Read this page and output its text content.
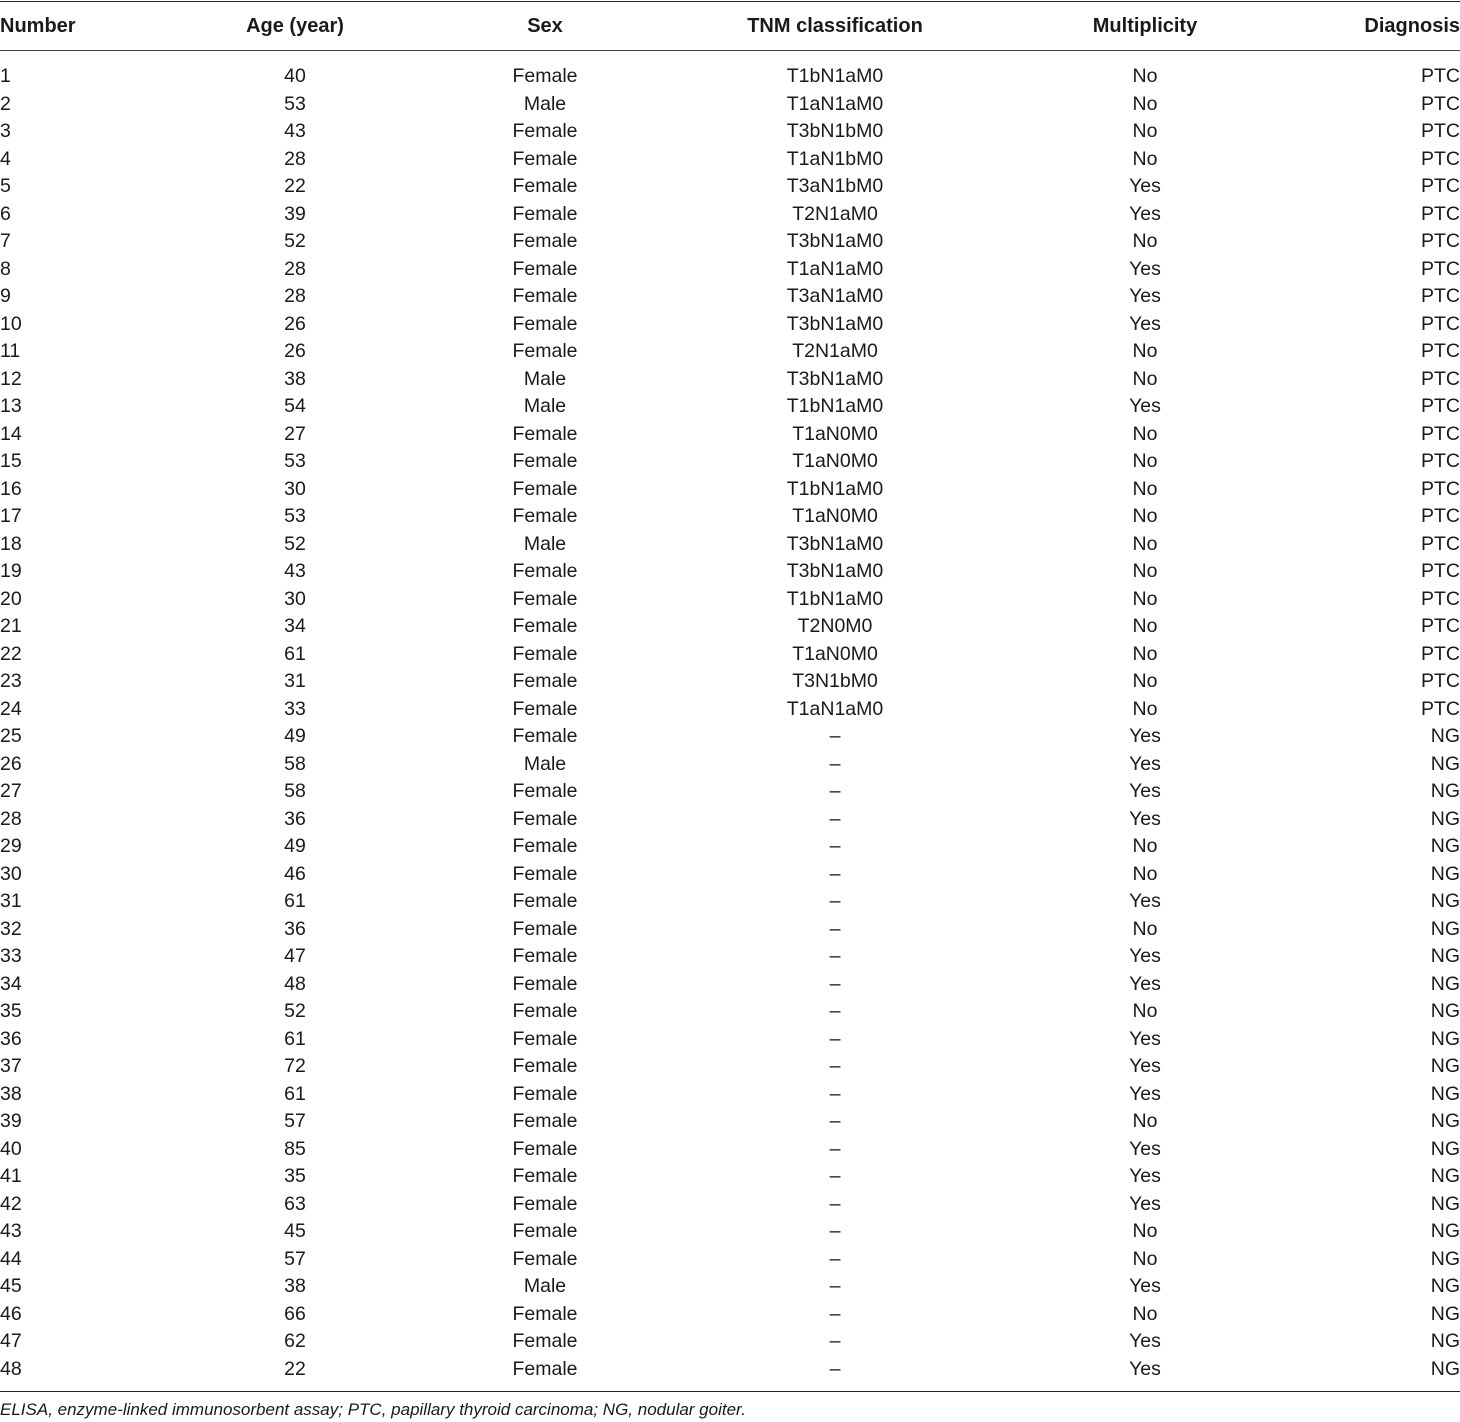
Number	Age (year)	Sex	TNM classification	Multiplicity	Diagnosis

1	40	Female	T1bN1aM0	No	PTC
2	53	Male	T1aN1aM0	No	PTC
3	43	Female	T3bN1bM0	No	PTC
4	28	Female	T1aN1bM0	No	PTC
5	22	Female	T3aN1bM0	Yes	PTC
6	39	Female	T2N1aM0	Yes	PTC
7	52	Female	T3bN1aM0	No	PTC
8	28	Female	T1aN1aM0	Yes	PTC
9	28	Female	T3aN1aM0	Yes	PTC
10	26	Female	T3bN1aM0	Yes	PTC
11	26	Female	T2N1aM0	No	PTC
12	38	Male	T3bN1aM0	No	PTC
13	54	Male	T1bN1aM0	Yes	PTC
14	27	Female	T1aN0M0	No	PTC
15	53	Female	T1aN0M0	No	PTC
16	30	Female	T1bN1aM0	No	PTC
17	53	Female	T1aN0M0	No	PTC
18	52	Male	T3bN1aM0	No	PTC
19	43	Female	T3bN1aM0	No	PTC
20	30	Female	T1bN1aM0	No	PTC
21	34	Female	T2N0M0	No	PTC
22	61	Female	T1aN0M0	No	PTC
23	31	Female	T3N1bM0	No	PTC
24	33	Female	T1aN1aM0	No	PTC
25	49	Female	–	Yes	NG
26	58	Male	–	Yes	NG
27	58	Female	–	Yes	NG
28	36	Female	–	Yes	NG
29	49	Female	–	No	NG
30	46	Female	–	No	NG
31	61	Female	–	Yes	NG
32	36	Female	–	No	NG
33	47	Female	–	Yes	NG
34	48	Female	–	Yes	NG
35	52	Female	–	No	NG
36	61	Female	–	Yes	NG
37	72	Female	–	Yes	NG
38	61	Female	–	Yes	NG
39	57	Female	–	No	NG
40	85	Female	–	Yes	NG
41	35	Female	–	Yes	NG
42	63	Female	–	Yes	NG
43	45	Female	–	No	NG
44	57	Female	–	No	NG
45	38	Male	–	Yes	NG
46	66	Female	–	No	NG
47	62	Female	–	Yes	NG
48	22	Female	–	Yes	NG
ELISA, enzyme-linked immunosorbent assay; PTC, papillary thyroid carcinoma; NG, nodular goiter.
